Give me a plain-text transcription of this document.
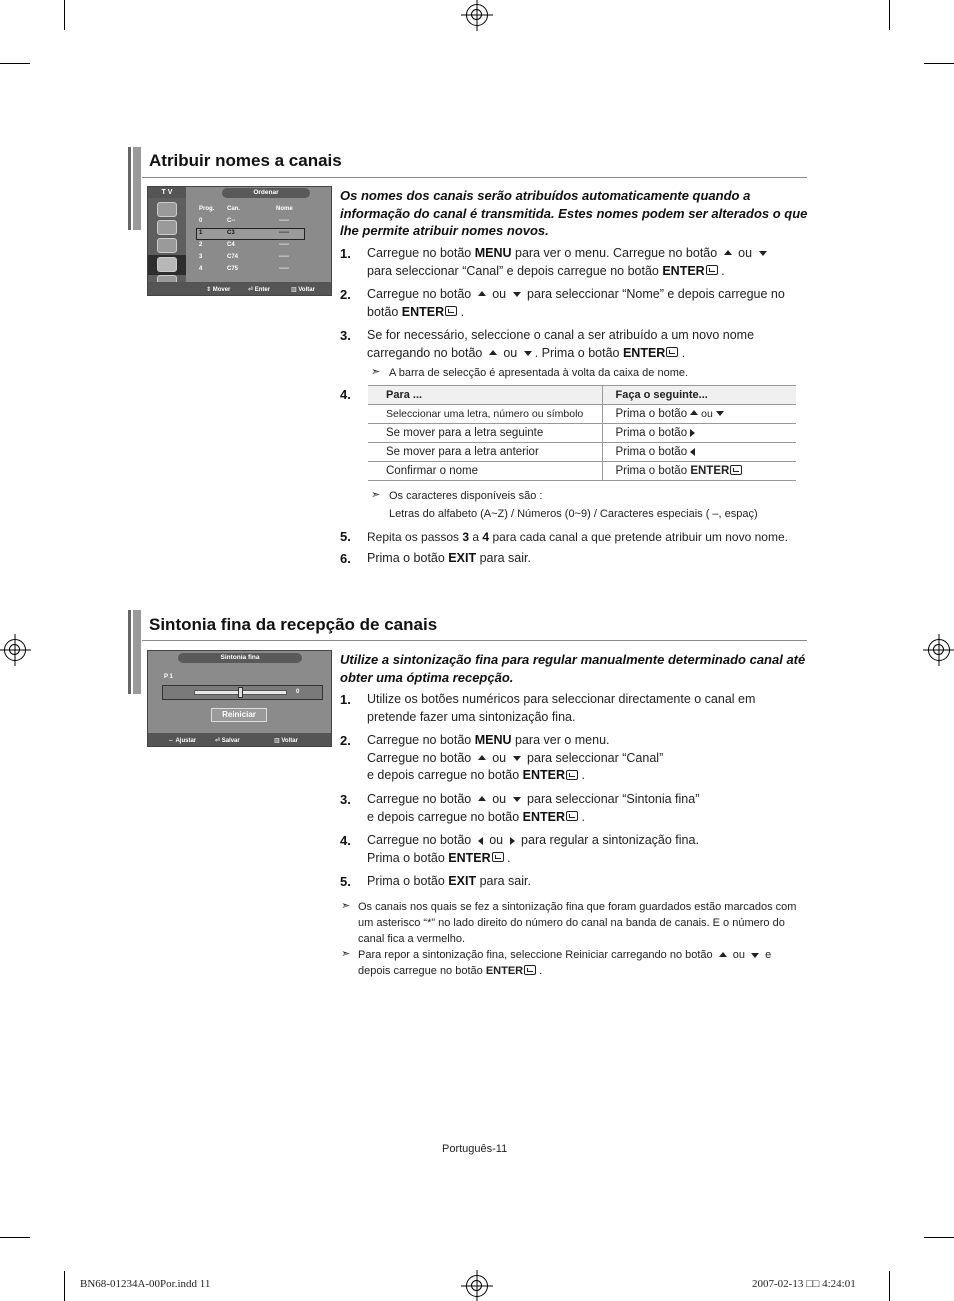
Atribuir nomes a canais
T V	Ordenar
Prog. Can.	Nome
0	C--	-----
1	C3	-----
2	C4	-----
3	C74	-----
4	C75	-----
⇕ Mover	⏎ Enter	▥ Voltar
Os nomes dos canais serão atribuídos automaticamente quando a informação do canal é transmitida. Estes nomes podem ser alterados o que lhe permite atribuir nomes novos.
1. Carregue no botão MENU para ver o menu. Carregue no botão  ou
para seleccionar “Canal” e depois carregue no botão ENTER .
2. Carregue no botão  ou  para seleccionar “Nome” e depois carregue no
botão ENTER .
3. Se for necessário, seleccione o canal a ser atribuído a um novo nome
carregando no botão  ou . Prima o botão ENTER .
➣ A barra de selecção é apresentada à volta da caixa de nome.
4.	Para ...	Faça o seguinte...
Seleccionar uma letra, número ou símbolo	Prima o botão ou
Se mover para a letra seguinte	Prima o botão
Se mover para a letra anterior	Prima o botão
Confirmar o nome	Prima o botão ENTER
➣ Os caracteres disponíveis são :
Letras do alfabeto (A~Z) / Números (0~9) / Caracteres especiais ( –, espaç)
5. Repita os passos 3 a 4 para cada canal a que pretende atribuir um novo nome.
6. Prima o botão EXIT para sair.
Sintonia fina da recepção de canais
Sintonia fina
P 1
0
Reiniciar
⇔ Ajustar	⏎ Salvar	▥ Voltar
Utilize a sintonização fina para regular manualmente determinado canal até obter uma óptima recepção.
1. Utilize os botões numéricos para seleccionar directamente o canal em
pretende fazer uma sintonização fina.
2. Carregue no botão MENU para ver o menu.
Carregue no botão  ou  para seleccionar “Canal”
e depois carregue no botão ENTER .
3. Carregue no botão  ou  para seleccionar “Sintonia fina”
e depois carregue no botão ENTER .
4. Carregue no botão  ou  para regular a sintonização fina.
Prima o botão ENTER .
5. Prima o botão EXIT para sair.
➣ Os canais nos quais se fez a sintonização fina que foram guardados estão marcados com um asterisco “*” no lado direito do número do canal na banda de canais. E o número do canal fica a vermelho.
➣ Para repor a sintonização fina, seleccione Reiniciar carregando no botão  ou  e depois carregue no botão ENTER .
Português-11
BN68-01234A-00Por.indd 11	2007-02-13 □□ 4:24:01
